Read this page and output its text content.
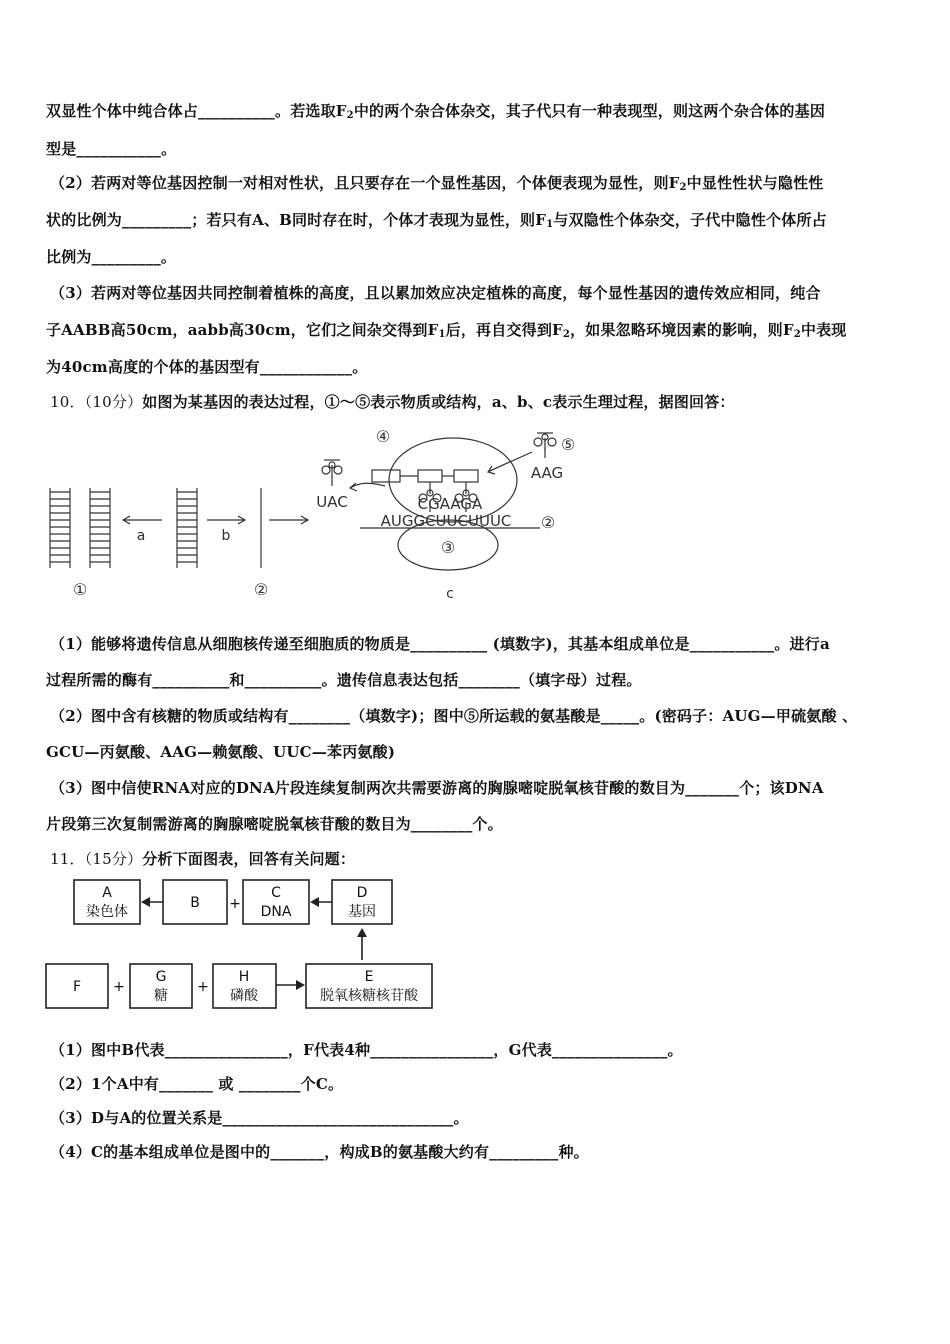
双显性个体中纯合体占__________。若选取$F_2$中的两个杂合体杂交，其子代只有一种表现型，则这两个杂合体的基因
型是___________。
（2）若两对等位基因控制一对相对性状，且只要存在一个显性基因，个体便表现为显性，则$F_2$中显性性状与隐性性
状的比例为_________；若只有A、B同时存在时，个体才表现为显性，则$F_1$与双隐性个体杂交，子代中隐性个体所占
比例为_________。
（3）若两对等位基因共同控制着植株的高度，且以累加效应决定植株的高度，每个显性基因的遗传效应相同，纯合
子AABB高50cm，aabb高30cm，它们之间杂交得到$F_1$后，再自交得到$F_2$，如果忽略环境因素的影响，则$F_2$中表现
为40cm高度的个体的基因型有____________。
10．（10分）如图为某基因的表达过程，①～⑤表示物质或结构，a、b、c表示生理过程，据图回答：
①	②
a	b
c
④	⑤
③
②
UAC
AAG
CGAAGA
AUGGCUUCUUUC
（1）能够将遗传信息从细胞核传递至细胞质的物质是__________ (填数字)，其基本组成单位是___________。进行a
过程所需的酶有__________和__________。遗传信息表达包括________（填字母）过程。
（2）图中含有核糖的物质或结构有________（填数字)；图中⑤所运载的氨基酸是_____。(密码子：AUG—甲硫氨酸 、
GCU—丙氨酸、AAG—赖氨酸、UUC—苯丙氨酸)
（3）图中信使RNA对应的DNA片段连续复制两次共需要游离的胸腺嘧啶脱氧核苷酸的数目为_______个；该DNA
片段第三次复制需游离的胸腺嘧啶脱氧核苷酸的数目为________个。
11．（15分）分析下面图表，回答有关问题：
A
染色体
B +
C
DNA
D
基因
F +
G
糖
+
H
磷酸
E
脱氧核糖核苷酸
（1）图中B代表________________，F代表4种________________，G代表_______________。
（2）1个A中有_______ 或 ________个C。
（3）D与A的位置关系是______________________________。
（4）C的基本组成单位是图中的_______，构成B的氨基酸大约有_________种。
